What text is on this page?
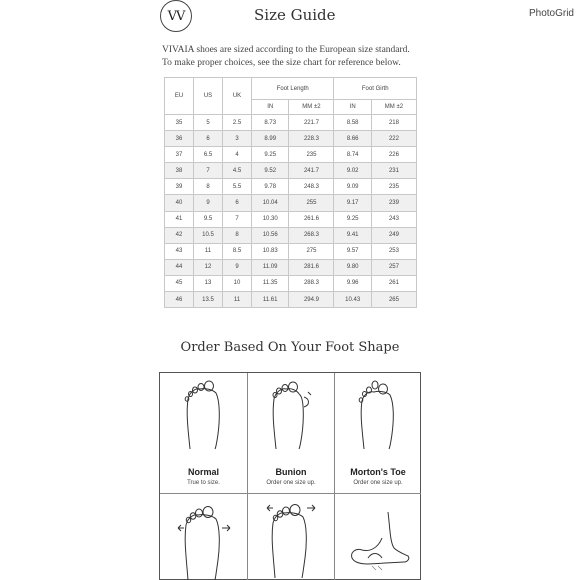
VV	Size Guide	PhotoGrid
VIVAIA shoes are sized according to the European size standard.
To make proper choices, see the size chart for reference below.
EU	US	UK	Foot Length		Foot Girth	
			IN	MM ±2	IN	MM ±2
35	5	2.5	8.73	221.7	8.58	218
36	6	3	8.99	228.3	8.66	222
37	6.5	4	9.25	235	8.74	226
38	7	4.5	9.52	241.7	9.02	231
39	8	5.5	9.78	248.3	9.09	235
40	9	6	10.04	255	9.17	239
41	9.5	7	10.30	261.6	9.25	243
42	10.5	8	10.56	268.3	9.41	249
43	11	8.5	10.83	275	9.57	253
44	12	9	11.09	281.6	9.80	257
45	13	10	11.35	288.3	9.96	261
46	13.5	11	11.61	294.9	10.43	265
Order Based On Your Foot Shape
Normal
True to size.
Bunion
Order one size up.
Morton's Toe
Order one size up.
